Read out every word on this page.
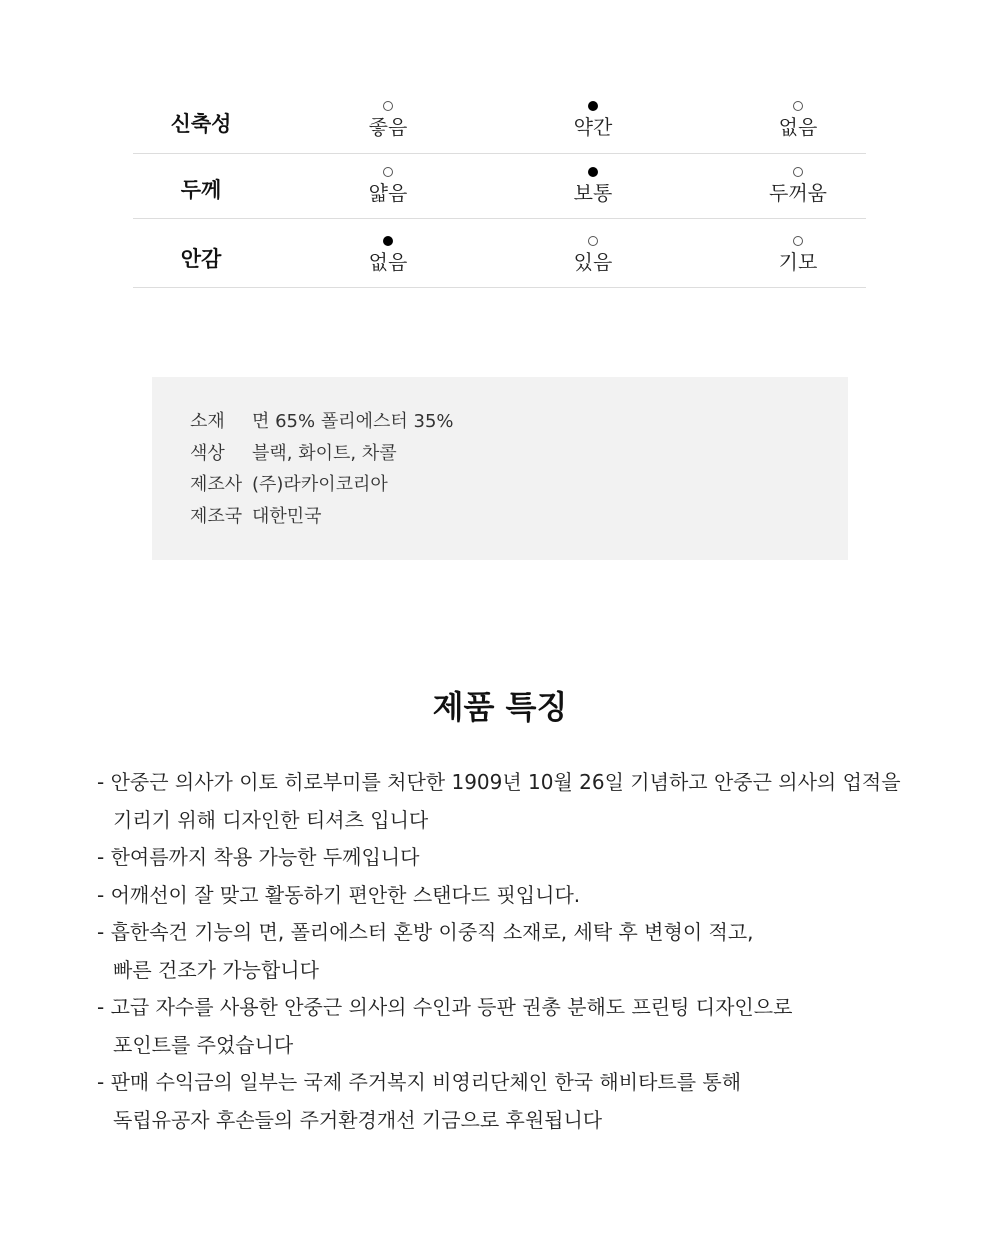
신축성	좋음	약간	없음
두께	얇음	보통	두꺼움
안감	없음	있음	기모
소재 면 65% 폴리에스터 35%
색상 블랙, 화이트, 차콜
제조사 (주)라카이코리아
제조국 대한민국
제품 특징
- 안중근 의사가 이토 히로부미를 처단한 1909년 10월 26일 기념하고 안중근 의사의 업적을
기리기 위해 디자인한 티셔츠 입니다
- 한여름까지 착용 가능한 두께입니다
- 어깨선이 잘 맞고 활동하기 편안한 스탠다드 핏입니다.
- 흡한속건 기능의 면, 폴리에스터 혼방 이중직 소재로, 세탁 후 변형이 적고,
빠른 건조가 가능합니다
- 고급 자수를 사용한 안중근 의사의 수인과 등판 권총 분해도 프린팅 디자인으로
포인트를 주었습니다
- 판매 수익금의 일부는 국제 주거복지 비영리단체인 한국 해비타트를 통해
독립유공자 후손들의 주거환경개선 기금으로 후원됩니다
